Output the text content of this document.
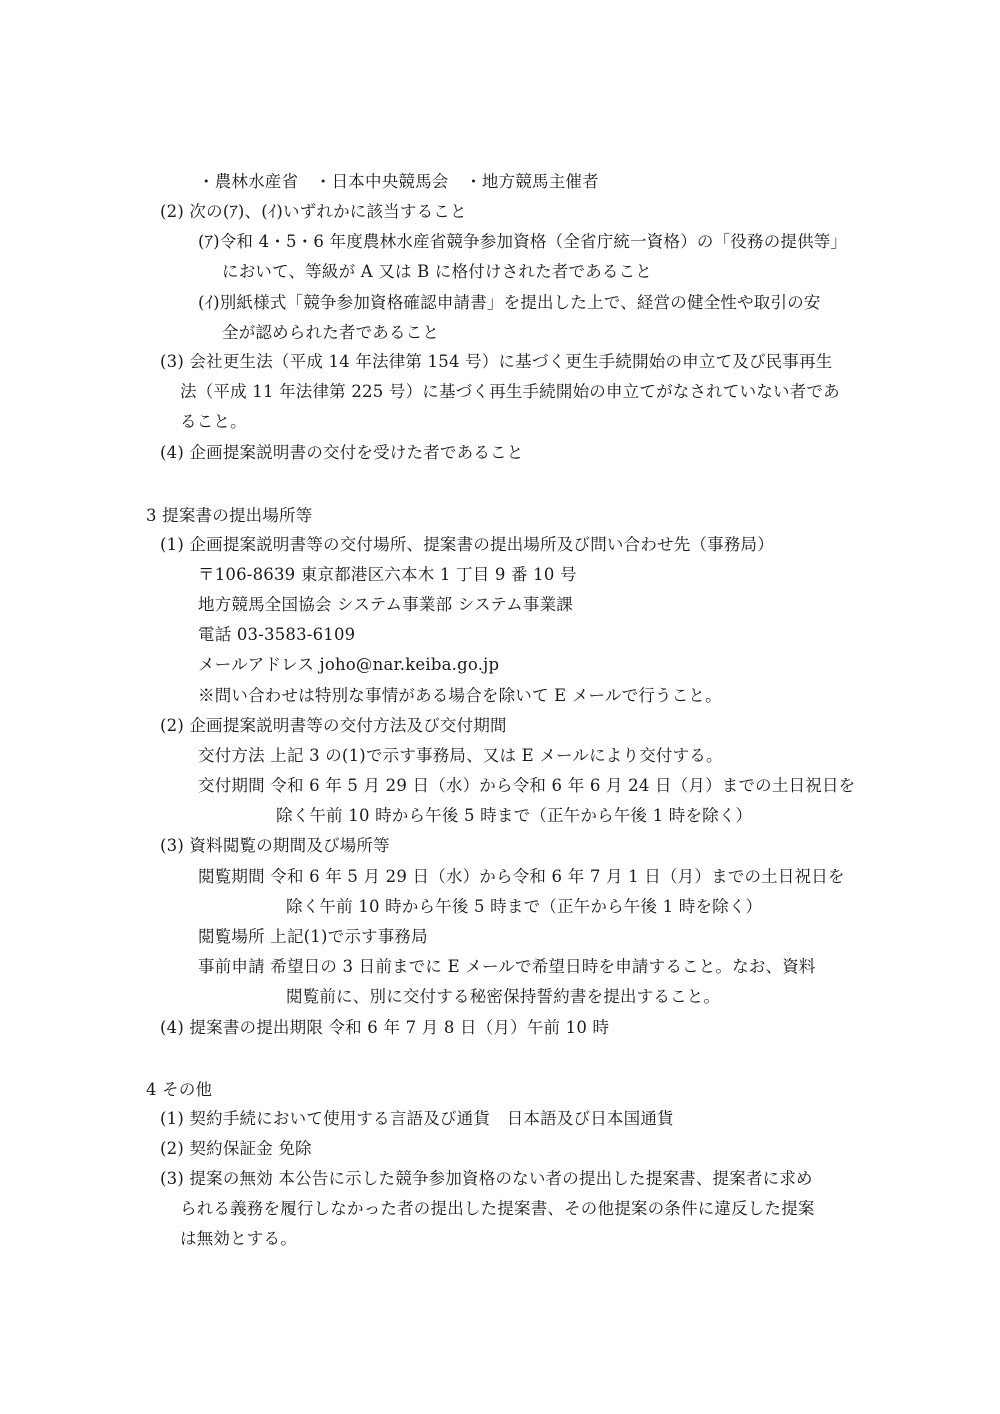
・農林水産省　・日本中央競馬会　・地方競馬主催者
(2) 次の(ｱ)、(ｲ)いずれかに該当すること
(ｱ)令和 4・5・6 年度農林水産省競争参加資格（全省庁統一資格）の「役務の提供等」
において、等級が A 又は B に格付けされた者であること
(ｲ)別紙様式「競争参加資格確認申請書」を提出した上で、経営の健全性や取引の安
全が認められた者であること
(3) 会社更生法（平成 14 年法律第 154 号）に基づく更生手続開始の申立て及び民事再生
法（平成 11 年法律第 225 号）に基づく再生手続開始の申立てがなされていない者であ
ること。
(4) 企画提案説明書の交付を受けた者であること
3 提案書の提出場所等
(1) 企画提案説明書等の交付場所、提案書の提出場所及び問い合わせ先（事務局）
〒106-8639 東京都港区六本木 1 丁目 9 番 10 号
地方競馬全国協会 システム事業部 システム事業課
電話 03-3583-6109
メールアドレス joho@nar.keiba.go.jp
※問い合わせは特別な事情がある場合を除いて E メールで行うこと。
(2) 企画提案説明書等の交付方法及び交付期間
交付方法 上記 3 の(1)で示す事務局、又は E メールにより交付する。
交付期間 令和 6 年 5 月 29 日（水）から令和 6 年 6 月 24 日（月）までの土日祝日を
除く午前 10 時から午後 5 時まで（正午から午後 1 時を除く）
(3) 資料閲覧の期間及び場所等
閲覧期間 令和 6 年 5 月 29 日（水）から令和 6 年 7 月 1 日（月）までの土日祝日を
除く午前 10 時から午後 5 時まで（正午から午後 1 時を除く）
閲覧場所 上記(1)で示す事務局
事前申請 希望日の 3 日前までに E メールで希望日時を申請すること。なお、資料
閲覧前に、別に交付する秘密保持誓約書を提出すること。
(4) 提案書の提出期限 令和 6 年 7 月 8 日（月）午前 10 時
4 その他
(1) 契約手続において使用する言語及び通貨　日本語及び日本国通貨
(2) 契約保証金 免除
(3) 提案の無効 本公告に示した競争参加資格のない者の提出した提案書、提案者に求め
られる義務を履行しなかった者の提出した提案書、その他提案の条件に違反した提案
は無効とする。
